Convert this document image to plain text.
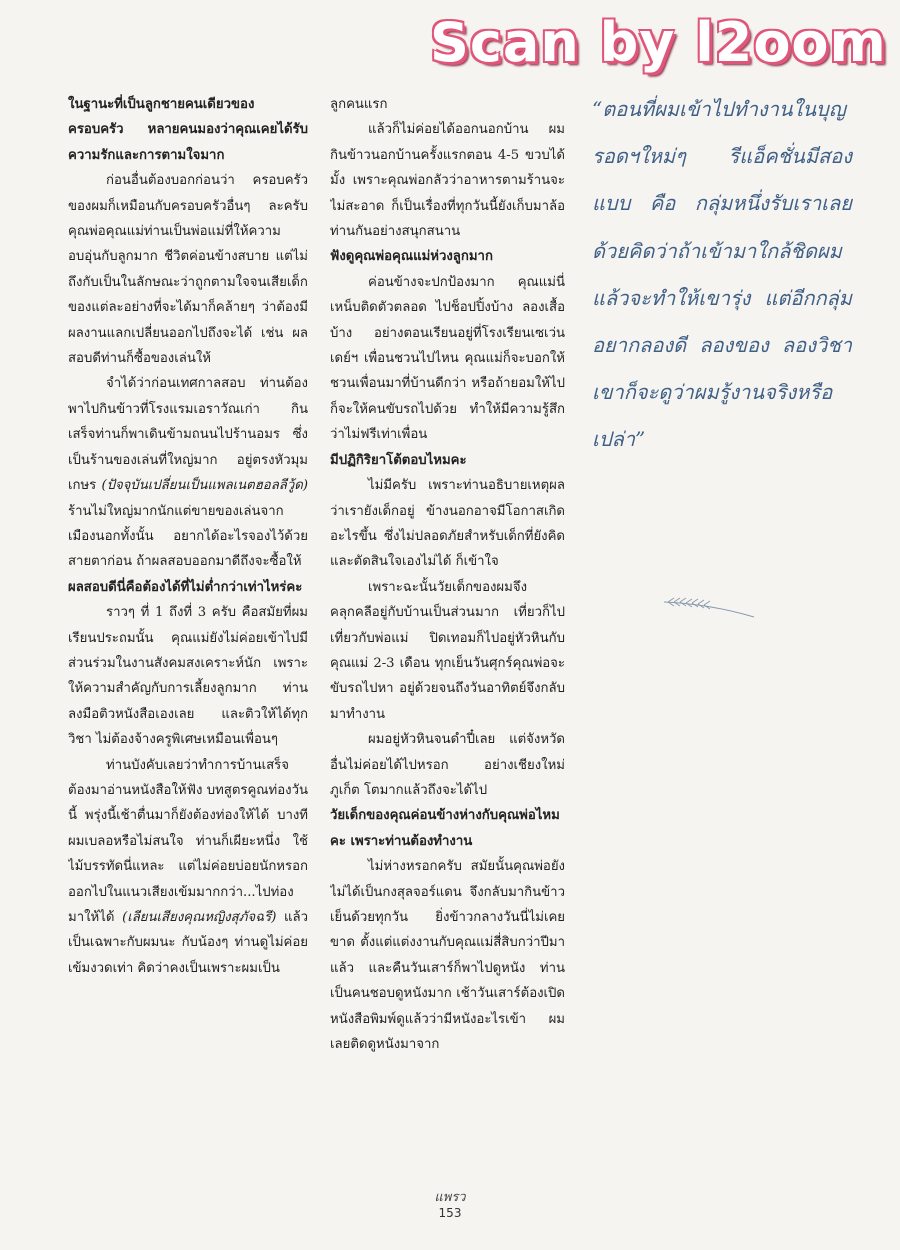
Scan by l2oom

ในฐานะที่เป็นลูกชายคนเดียวของครอบครัว หลายคนมองว่าคุณเคยได้รับความรักและการตามใจมาก

ก่อนอื่นต้องบอกก่อนว่า ครอบครัวของผมก็เหมือนกับครอบครัวอื่นๆ ละครับ คุณพ่อคุณแม่ท่านเป็นพ่อแม่ที่ให้ความอบอุ่นกับลูกมาก ชีวิตค่อนข้างสบาย แต่ไม่ถึงกับเป็นในลักษณะว่าถูกตามใจจนเสียเด็ก ของแต่ละอย่างที่จะได้มาก็คล้ายๆ ว่าต้องมีผลงานแลกเปลี่ยนออกไปถึงจะได้ เช่น ผลสอบดีท่านก็ซื้อของเล่นให้

จำได้ว่าก่อนเทศกาลสอบ ท่านต้องพาไปกินข้าวที่โรงแรมเอราวัณเก่า กินเสร็จท่านก็พาเดินข้ามถนนไปร้านอมร ซึ่งเป็นร้านของเล่นที่ใหญ่มาก อยู่ตรงหัวมุมเกษร (ปัจจุบันเปลี่ยนเป็นแพลเนตฮอลลีวู้ด) ร้านไม่ใหญ่มากนักแต่ขายของเล่นจากเมืองนอกทั้งนั้น อยากได้อะไรจองไว้ด้วยสายตาก่อน ถ้าผลสอบออกมาดีถึงจะซื้อให้

ผลสอบดีนี่คือต้องได้ที่ไม่ต่ำกว่าเท่าไหร่คะ

ราวๆ ที่ 1 ถึงที่ 3 ครับ คือสมัยที่ผมเรียนประถมนั้น คุณแม่ยังไม่ค่อยเข้าไปมีส่วนร่วมในงานสังคมสงเคราะห์นัก เพราะให้ความสำคัญกับการเลี้ยงลูกมาก ท่านลงมือติวหนังสือเองเลย และติวให้ได้ทุกวิชา ไม่ต้องจ้างครูพิเศษเหมือนเพื่อนๆ

ท่านบังคับเลยว่าทำการบ้านเสร็จต้องมาอ่านหนังสือให้ฟัง บทสูตรคูณท่องวันนี้ พรุ่งนี้เช้าตื่นมาก็ยังต้องท่องให้ได้ บางทีผมเบลอหรือไม่สนใจ ท่านก็เผียะหนึ่ง ใช้ไม้บรรทัดนี่แหละ แต่ไม่ค่อยบ่อยนักหรอก ออกไปในแนวเสียงเข้มมากกว่า...ไปท่องมาให้ได้ (เลียนเสียงคุณหญิงสุภัจฉรี) แล้วเป็นเฉพาะกับผมนะ กับน้องๆ ท่านดูไม่ค่อยเข้มงวดเท่า คิดว่าคงเป็นเพราะผมเป็น

ลูกคนแรก

แล้วก็ไม่ค่อยได้ออกนอกบ้าน ผมกินข้าวนอกบ้านครั้งแรกตอน 4-5 ขวบได้มั้ง เพราะคุณพ่อกลัวว่าอาหารตามร้านจะไม่สะอาด ก็เป็นเรื่องที่ทุกวันนี้ยังเก็บมาล้อท่านกันอย่างสนุกสนาน

ฟังดูคุณพ่อคุณแม่ห่วงลูกมาก

ค่อนข้างจะปกป้องมาก คุณแม่นี่เหน็บติดตัวตลอด ไปช็อปปิ้งบ้าง ลองเสื้อบ้าง อย่างตอนเรียนอยู่ที่โรงเรียนเซเว่นเดย์ฯ เพื่อนชวนไปไหน คุณแม่ก็จะบอกให้ชวนเพื่อนมาที่บ้านดีกว่า หรือถ้ายอมให้ไปก็จะให้คนขับรถไปด้วย ทำให้มีความรู้สึกว่าไม่ฟรีเท่าเพื่อน

มีปฏิกิริยาโต้ตอบไหมคะ

ไม่มีครับ เพราะท่านอธิบายเหตุผลว่าเรายังเด็กอยู่ ข้างนอกอาจมีโอกาสเกิดอะไรขึ้น ซึ่งไม่ปลอดภัยสำหรับเด็กที่ยังคิดและตัดสินใจเองไม่ได้ ก็เข้าใจ

เพราะฉะนั้นวัยเด็กของผมจึงคลุกคลีอยู่กับบ้านเป็นส่วนมาก เที่ยวก็ไปเที่ยวกับพ่อแม่ ปิดเทอมก็ไปอยู่หัวหินกับคุณแม่ 2-3 เดือน ทุกเย็นวันศุกร์คุณพ่อจะขับรถไปหา อยู่ด้วยจนถึงวันอาทิตย์จึงกลับมาทำงาน

ผมอยู่หัวหินจนดำปี๋เลย แต่จังหวัดอื่นไม่ค่อยได้ไปหรอก อย่างเชียงใหม่ ภูเก็ต โตมากแล้วถึงจะได้ไป

วัยเด็กของคุณค่อนข้างห่างกับคุณพ่อไหมคะ เพราะท่านต้องทำงาน

ไม่ห่างหรอกครับ สมัยนั้นคุณพ่อยังไม่ได้เป็นกงสุลจอร์แดน จึงกลับมากินข้าวเย็นด้วยทุกวัน ยิ่งข้าวกลางวันนี่ไม่เคยขาด ตั้งแต่แต่งงานกับคุณแม่สี่สิบกว่าปีมาแล้ว และคืนวันเสาร์ก็พาไปดูหนัง ท่านเป็นคนชอบดูหนังมาก เช้าวันเสาร์ต้องเปิดหนังสือพิมพ์ดูแล้วว่ามีหนังอะไรเข้า ผมเลยติดดูหนังมาจาก

“ตอนที่ผมเข้าไปทำงานในบุญรอดฯใหม่ๆ รีแอ็คชั่นมีสองแบบ คือ กลุ่มหนึ่งรับเราเลย ด้วยคิดว่าถ้าเข้ามาใกล้ชิดผม แล้วจะทำให้เขารุ่ง แต่อีกกลุ่มอยากลองดี ลองของ ลองวิชา เขาก็จะดูว่าผมรู้งานจริงหรือเปล่า”

แพรว
153
